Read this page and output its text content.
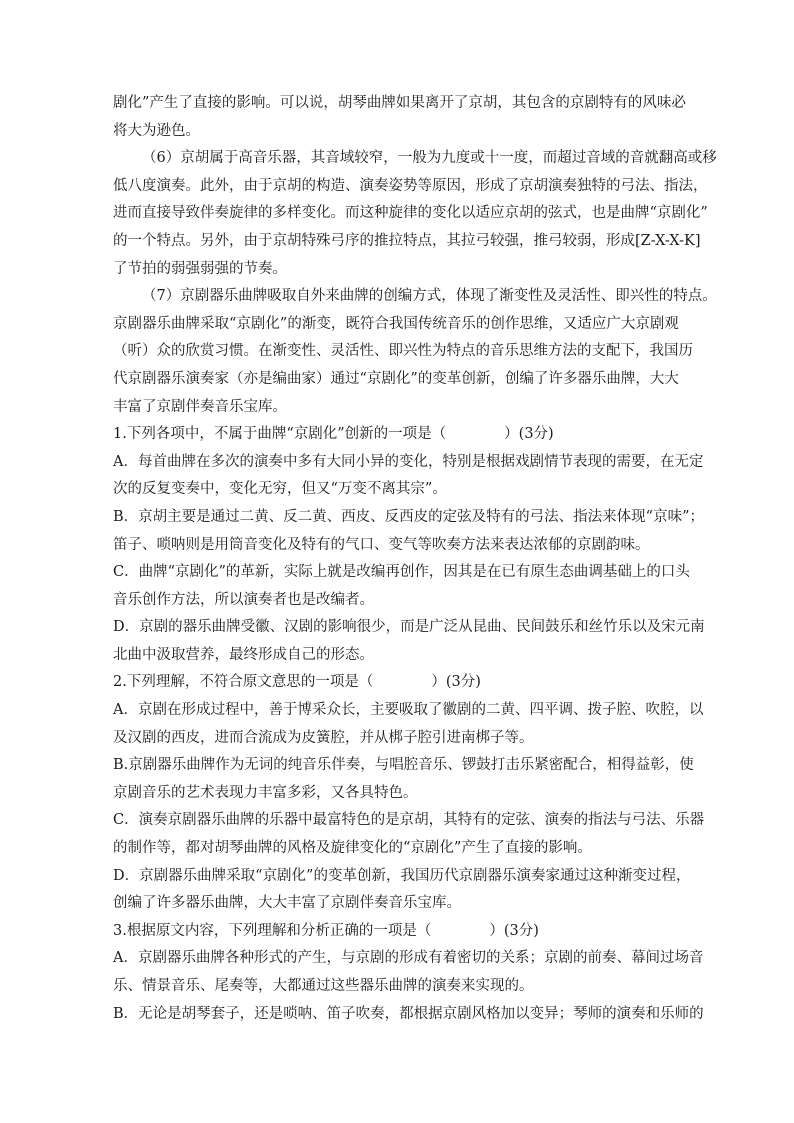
剧化”产生了直接的影响。可以说，胡琴曲牌如果离开了京胡，其包含的京剧特有的风味必
将大为逊色。
（6）京胡属于高音乐器，其音域较窄，一般为九度或十一度，而超过音域的音就翻高或移
低八度演奏。此外，由于京胡的构造、演奏姿势等原因，形成了京胡演奏独特的弓法、指法，
进而直接导致伴奏旋律的多样变化。而这种旋律的变化以适应京胡的弦式，也是曲牌“京剧化”
的一个特点。另外，由于京胡特殊弓序的推拉特点，其拉弓较强，推弓较弱，形成[Z-X-X-K]
了节拍的弱强弱强的节奏。
（7）京剧器乐曲牌吸取自外来曲牌的创编方式，体现了渐变性及灵活性、即兴性的特点。
京剧器乐曲牌采取“京剧化”的渐变，既符合我国传统音乐的创作思维，又适应广大京剧观
（听）众的欣赏习惯。在渐变性、灵活性、即兴性为特点的音乐思维方法的支配下，我国历
代京剧器乐演奏家（亦是编曲家）通过“京剧化”的变革创新，创编了许多器乐曲牌，大大
丰富了京剧伴奏音乐宝库。
1.下列各项中，不属于曲牌“京剧化”创新的一项是（　　　　）(3分)
A．每首曲牌在多次的演奏中多有大同小异的变化，特别是根据戏剧情节表现的需要，在无定
次的反复变奏中，变化无穷，但又“万变不离其宗”。
B．京胡主要是通过二黄、反二黄、西皮、反西皮的定弦及特有的弓法、指法来体现“京味”；
笛子、唢呐则是用筒音变化及特有的气口、变气等吹奏方法来表达浓郁的京剧韵味。
C．曲牌“京剧化”的革新，实际上就是改编再创作，因其是在已有原生态曲调基础上的口头
音乐创作方法，所以演奏者也是改编者。
D．京剧的器乐曲牌受徽、汉剧的影响很少，而是广泛从昆曲、民间鼓乐和丝竹乐以及宋元南
北曲中汲取营养，最终形成自己的形态。
2.下列理解，不符合原文意思的一项是（　　　　）(3分)
A．京剧在形成过程中，善于博采众长，主要吸取了徽剧的二黄、四平调、拨子腔、吹腔，以
及汉剧的西皮，进而合流成为皮簧腔，并从梆子腔引进南梆子等。
B.京剧器乐曲牌作为无词的纯音乐伴奏，与唱腔音乐、锣鼓打击乐紧密配合，相得益彰，使
京剧音乐的艺术表现力丰富多彩，又各具特色。
C．演奏京剧器乐曲牌的乐器中最富特色的是京胡，其特有的定弦、演奏的指法与弓法、乐器
的制作等，都对胡琴曲牌的风格及旋律变化的“京剧化”产生了直接的影响。
D．京剧器乐曲牌采取“京剧化”的变革创新，我国历代京剧器乐演奏家通过这种渐变过程，
创编了许多器乐曲牌，大大丰富了京剧伴奏音乐宝库。
3.根据原文内容，下列理解和分析正确的一项是（　　　　）(3分)
A．京剧器乐曲牌各种形式的产生，与京剧的形成有着密切的关系；京剧的前奏、幕间过场音
乐、情景音乐、尾奏等，大都通过这些器乐曲牌的演奏来实现的。
B．无论是胡琴套子，还是唢呐、笛子吹奏，都根据京剧风格加以变异；琴师的演奏和乐师的
